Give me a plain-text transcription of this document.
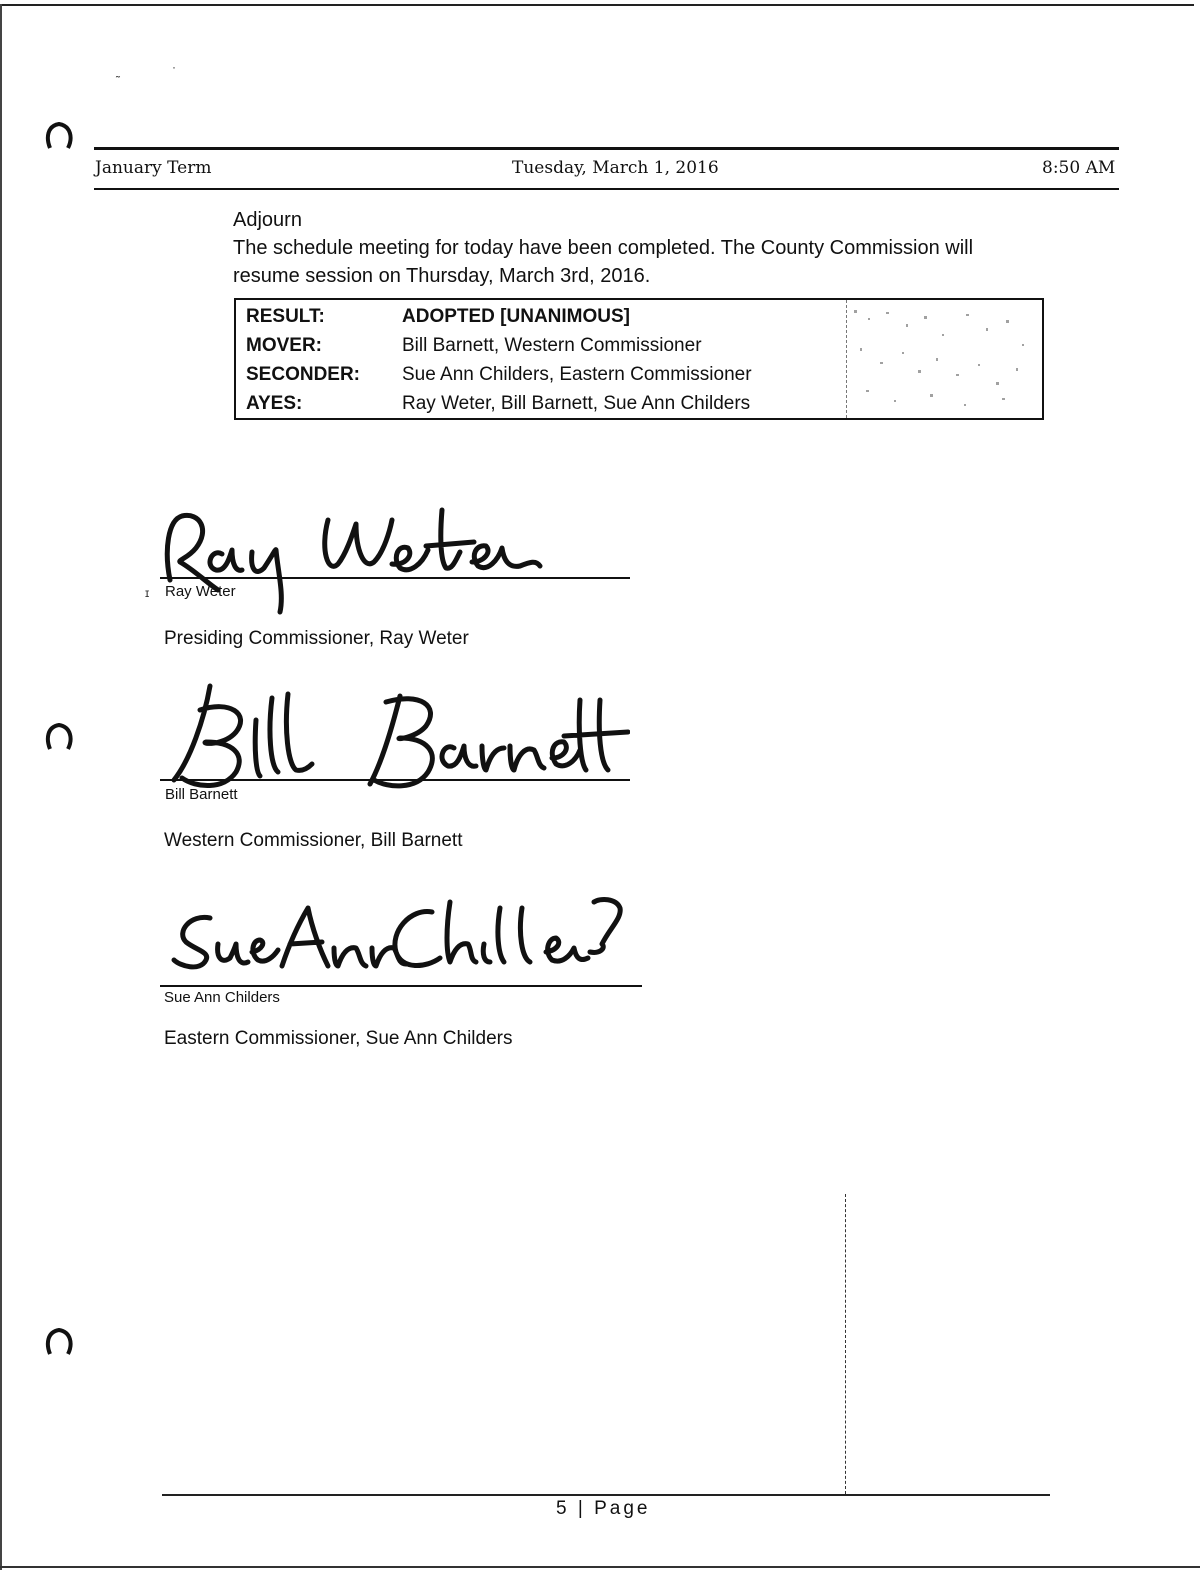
˷	·
January Term	Tuesday, March 1, 2016	8:50 AM
Adjourn
The schedule meeting for today have been completed. The County Commission will
resume session on Thursday, March 3rd, 2016.
RESULT:	ADOPTED [UNANIMOUS]
MOVER:	Bill Barnett, Western Commissioner
SECONDER: Sue Ann Childers, Eastern Commissioner
AYES:	Ray Weter, Bill Barnett, Sue Ann Childers
ɪ Ray Weter
Presiding Commissioner, Ray Weter
Bill Barnett
Western Commissioner, Bill Barnett
Sue Ann Childers
Eastern Commissioner, Sue Ann Childers
5 | Page
